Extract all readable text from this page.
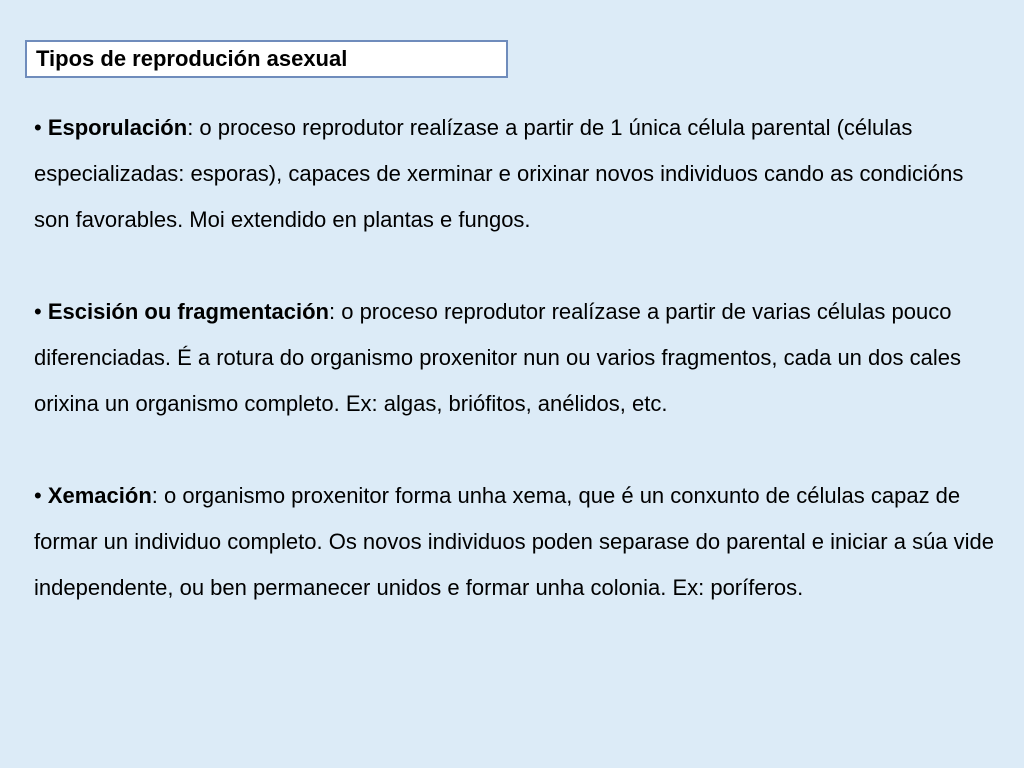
Tipos de reprodución asexual

• Esporulación: o proceso reprodutor realízase a partir de 1 única célula parental (células especializadas: esporas), capaces de xerminar e orixinar novos individuos cando as condicións son favorables. Moi extendido en plantas e fungos.

• Escisión ou fragmentación: o proceso reprodutor realízase a partir de varias células pouco diferenciadas. É a rotura do organismo proxenitor nun ou varios fragmentos, cada un dos cales orixina un organismo completo. Ex: algas, briófitos, anélidos, etc.

• Xemación: o organismo proxenitor forma unha xema, que é un conxunto de células capaz de formar un individuo completo. Os novos individuos poden separase do parental e iniciar a súa vide independente, ou ben permanecer unidos e formar unha colonia. Ex: poríferos.
